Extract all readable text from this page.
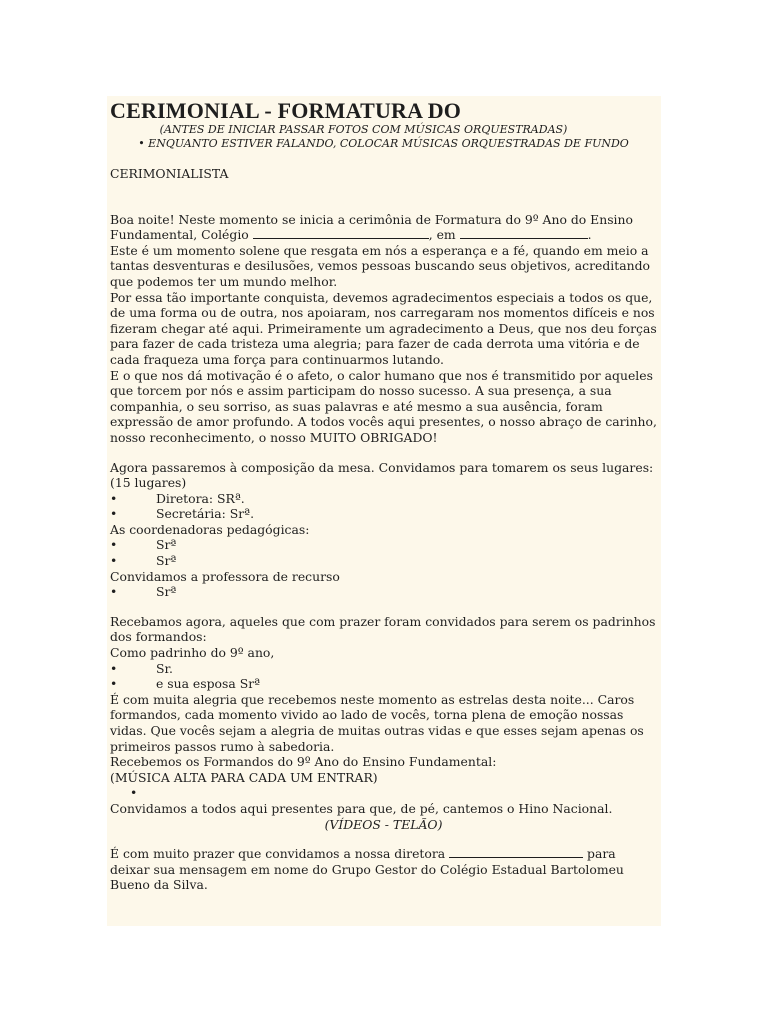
CERIMONIAL - FORMATURA DO

(ANTES DE INICIAR PASSAR FOTOS COM MÚSICAS ORQUESTRADAS)

• ENQUANTO ESTIVER FALANDO, COLOCAR MÚSICAS ORQUESTRADAS DE FUNDO

CERIMONIALISTA

Boa noite! Neste momento se inicia a cerimônia de Formatura do 9º Ano do Ensino
Fundamental, Colégio	, em	.

Este é um momento solene que resgata em nós a esperança e a fé, quando em meio a tantas desventuras e desilusões, vemos pessoas buscando seus objetivos, acreditando que podemos ter um mundo melhor.

Por essa tão importante conquista, devemos agradecimentos especiais a todos os que, de uma forma ou de outra, nos apoiaram, nos carregaram nos momentos difíceis e nos fizeram chegar até aqui. Primeiramente um agradecimento a Deus, que nos deu forças para fazer de cada tristeza uma alegria; para fazer de cada derrota uma vitória e de cada fraqueza uma força para continuarmos lutando.

E o que nos dá motivação é o afeto, o calor humano que nos é transmitido por aqueles que torcem por nós e assim participam do nosso sucesso. A sua presença, a sua companhia, o seu sorriso, as suas palavras e até mesmo a sua ausência, foram expressão de amor profundo. A todos vocês aqui presentes, o nosso abraço de carinho, nosso reconhecimento, o nosso MUITO OBRIGADO!

Agora passaremos à composição da mesa. Convidamos para tomarem os seus lugares: (15 lugares)

•	Diretora: SRª.
•	Secretária: Srª.

As coordenadoras pedagógicas:

•	Srª
•	Srª

Convidamos a professora de recurso

•	Srª

Recebamos agora, aqueles que com prazer foram convidados para serem os padrinhos dos formandos:

Como padrinho do 9º ano,

•	Sr.
•	e sua esposa Srª

É com muita alegria que recebemos neste momento as estrelas desta noite... Caros formandos, cada momento vivido ao lado de vocês, torna plena de emoção nossas vidas. Que vocês sejam a alegria de muitas outras vidas e que esses sejam apenas os primeiros passos rumo à sabedoria.

Recebemos os Formandos do 9º Ano do Ensino Fundamental:

(MÚSICA ALTA PARA CADA UM ENTRAR)

•

Convidamos a todos aqui presentes para que, de pé, cantemos o Hino Nacional.

(VÍDEOS - TELÃO)

É com muito prazer que convidamos a nossa diretora	para deixar sua mensagem em nome do Grupo Gestor do Colégio Estadual Bartolomeu Bueno da Silva.
